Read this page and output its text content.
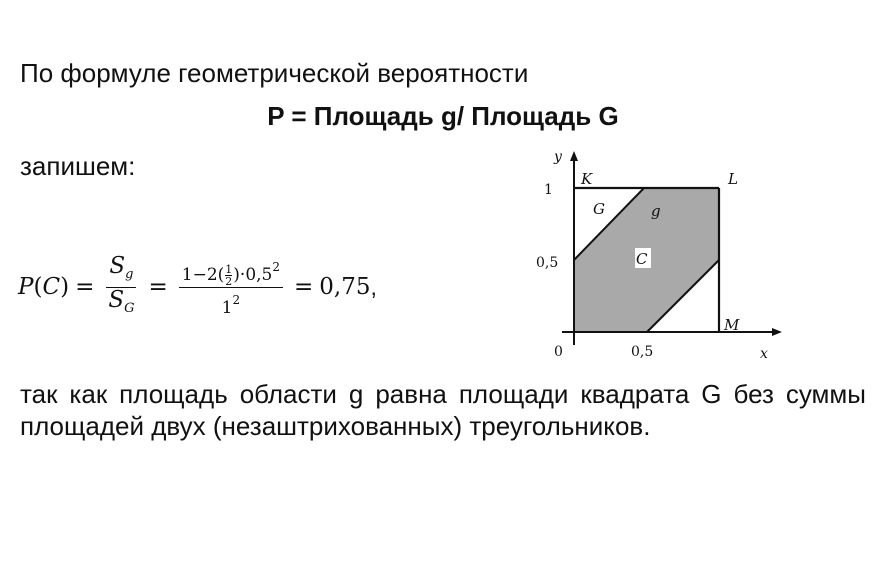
По формуле геометрической вероятности
P = Площадь g/ Площадь G
запишем:
P ( C ) = $\frac{S_g}{S_G} = \frac{1-2( \frac{1}{2} )\cdot 0,5^2}{1^2} = 0,75$ ,
y
x
K	L
M
G	g
C
1
0,5
0	0,5
так как площадь области g равна площади квадрата G без суммы площадей двух (незаштрихованных) треугольников.
